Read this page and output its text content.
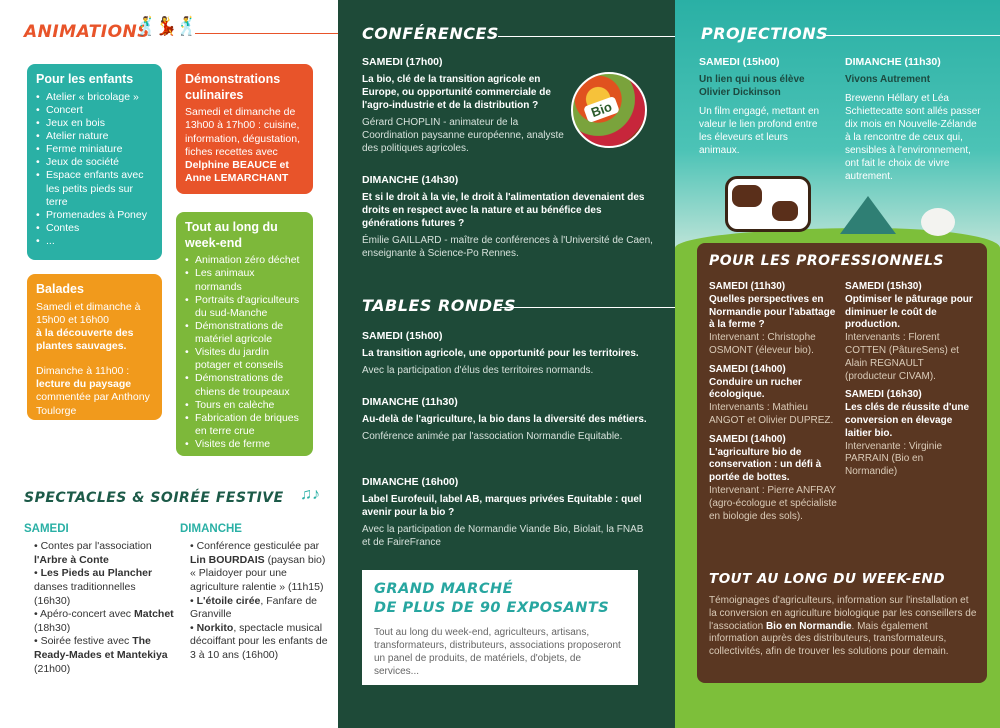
ANIMATIONS
🕺💃🕺
Pour les enfants
• Atelier « bricolage »
• Concert
• Jeux en bois
• Atelier nature
• Ferme miniature
• Jeux de société
• Espace enfants avec les petits pieds sur terre
• Promenades à Poney
• Contes
• ...
Démonstrations culinaires
Samedi et dimanche de 13h00 à 17h00 : cuisine, information, dégustation, fiches recettes avec Delphine BEAUCE et Anne LEMARCHANT
Balades
Samedi et dimanche à 15h00 et 16h00
à la découverte des plantes sauvages.
Dimanche à 11h00 :
lecture du paysage
commentée par Anthony Toulorge
Tout au long du week-end
• Animation zéro déchet
• Les animaux normands
• Portraits d'agriculteurs du sud-Manche
• Démonstrations de matériel agricole
• Visites du jardin potager et conseils
• Démonstrations de chiens de troupeaux
• Tours en calèche
• Fabrication de briques en terre crue
• Visites de ferme
SPECTACLES & SOIRÉE FESTIVE ♫♪
SAMEDI
• Contes par l'association l'Arbre à Conte
• Les Pieds au Plancher danses traditionnelles (16h30)
• Apéro-concert avec Matchet (18h30)
• Soirée festive avec The Ready-Mades et Mantekiya (21h00)
DIMANCHE
• Conférence gesticulée par Lin BOURDAIS (paysan bio) « Plaidoyer pour une agriculture ralentie » (11h15)
• L'étoile cirée, Fanfare de Granville
• Norkito, spectacle musical décoiffant pour les enfants de 3 à 10 ans (16h00)
CONFÉRENCES
SAMEDI (17h00)
La bio, clé de la transition agricole en Europe, ou opportunité commerciale de l'agro-industrie et de la distribution ?
Gérard CHOPLIN - animateur de la Coordination paysanne européenne, analyste des politiques agricoles.
Bio
DIMANCHE (14h30)
Et si le droit à la vie, le droit à l'alimentation devenaient des droits en respect avec la nature et au bénéfice des générations futures ?
Émilie GAILLARD - maître de conférences à l'Université de Caen, enseignante à Science-Po Rennes.
TABLES RONDES
SAMEDI (15h00)
La transition agricole, une opportunité pour les territoires.
Avec la participation d'élus des territoires normands.
DIMANCHE (11h30)
Au-delà de l'agriculture, la bio dans la diversité des métiers.
Conférence animée par l'association Normandie Equitable.
DIMANCHE (16h00)
Label Eurofeuil, label AB, marques privées Equitable : quel avenir pour la bio ?
Avec la participation de Normandie Viande Bio, Biolait, la FNAB et de FaireFrance
GRAND MARCHÉ
DE PLUS DE 90 EXPOSANTS
Tout au long du week-end, agriculteurs, artisans, transformateurs, distributeurs, associations proposeront un panel de produits, de matériels, d'objets, de services...
PROJECTIONS
SAMEDI (15h00)
Un lien qui nous élève Olivier Dickinson
Un film engagé, mettant en valeur le lien profond entre les éleveurs et leurs animaux.
DIMANCHE (11h30)
Vivons Autrement
Brewenn Héllary et Léa Schiettecatte sont allés passer dix mois en Nouvelle-Zélande à la rencontre de ceux qui, sensibles à l'environnement, ont fait le choix de vivre autrement.
POUR LES PROFESSIONNELS
SAMEDI (11h30)
Quelles perspectives en Normandie pour l'abattage à la ferme ?
Intervenant : Christophe OSMONT (éleveur bio).
SAMEDI (14h00)
Conduire un rucher écologique.
Intervenants : Mathieu ANGOT et Olivier DUPREZ.
SAMEDI (14h00)
L'agriculture bio de conservation : un défi à portée de bottes.
Intervenant : Pierre ANFRAY (agro-écologue et spécialiste en biologie des sols).
SAMEDI (15h30)
Optimiser le pâturage pour diminuer le coût de production.
Intervenants : Florent COTTEN (PâtureSens) et Alain REGNAULT (producteur CIVAM).
SAMEDI (16h30)
Les clés de réussite d'une conversion en élevage laitier bio.
Intervenante : Virginie PARRAIN (Bio en Normandie)
TOUT AU LONG DU WEEK-END
Témoignages d'agriculteurs, information sur l'installation et la conversion en agriculture biologique par les conseillers de l'association Bio en Normandie. Mais également information auprès des distributeurs, transformateurs, collectivités, afin de trouver les solutions pour demain.
